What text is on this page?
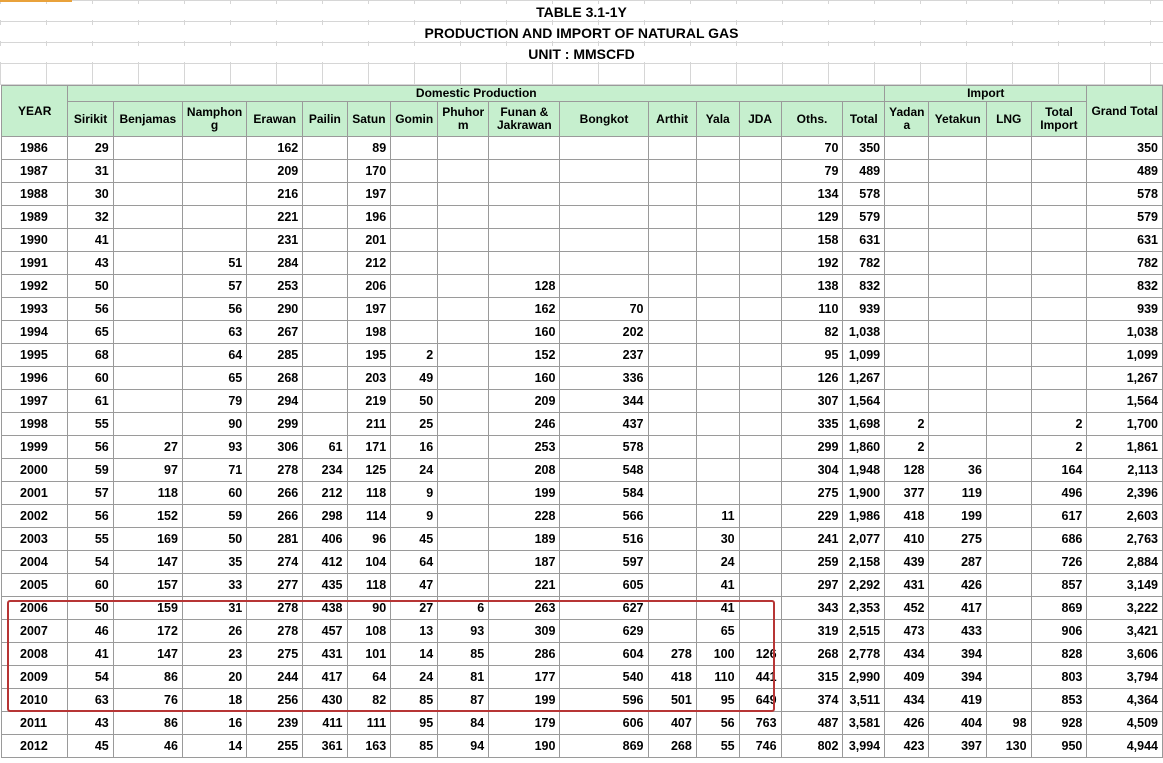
TABLE 3.1-1Y
PRODUCTION AND IMPORT OF NATURAL GAS
UNIT : MMSCFD
YEAR	Domestic Production															Import				Grand Total
	Sirikit	Benjamas	Namphon g	Erawan	Pailin	Satun	Gomin	Phuhor m	Funan & Jakrawan	Bongkot	Arthit	Yala	JDA	Oths.	Total	Yadan a	Yetakun	LNG	Total Import	
1986	29			162		89								70	350					350
1987	31			209		170								79	489					489
1988	30			216		197								134	578					578
1989	32			221		196								129	579					579
1990	41			231		201								158	631					631
1991	43		51	284		212								192	782					782
1992	50		57	253		206			128					138	832					832
1993	56		56	290		197			162	70				110	939					939
1994	65		63	267		198			160	202				82	1,038					1,038
1995	68		64	285		195	2		152	237				95	1,099					1,099
1996	60		65	268		203	49		160	336				126	1,267					1,267
1997	61		79	294		219	50		209	344				307	1,564					1,564
1998	55		90	299		211	25		246	437				335	1,698	2			2	1,700
1999	56	27	93	306	61	171	16		253	578				299	1,860	2			2	1,861
2000	59	97	71	278	234	125	24		208	548				304	1,948	128	36		164	2,113
2001	57	118	60	266	212	118	9		199	584				275	1,900	377	119		496	2,396
2002	56	152	59	266	298	114	9		228	566		11		229	1,986	418	199		617	2,603
2003	55	169	50	281	406	96	45		189	516		30		241	2,077	410	275		686	2,763
2004	54	147	35	274	412	104	64		187	597		24		259	2,158	439	287		726	2,884
2005	60	157	33	277	435	118	47		221	605		41		297	2,292	431	426		857	3,149
2006	50	159	31	278	438	90	27	6	263	627		41		343	2,353	452	417		869	3,222
2007	46	172	26	278	457	108	13	93	309	629		65		319	2,515	473	433		906	3,421
2008	41	147	23	275	431	101	14	85	286	604	278	100	126	268	2,778	434	394		828	3,606
2009	54	86	20	244	417	64	24	81	177	540	418	110	441	315	2,990	409	394		803	3,794
2010	63	76	18	256	430	82	85	87	199	596	501	95	649	374	3,511	434	419		853	4,364
2011	43	86	16	239	411	111	95	84	179	606	407	56	763	487	3,581	426	404	98	928	4,509
2012	45	46	14	255	361	163	85	94	190	869	268	55	746	802	3,994	423	397	130	950	4,944
